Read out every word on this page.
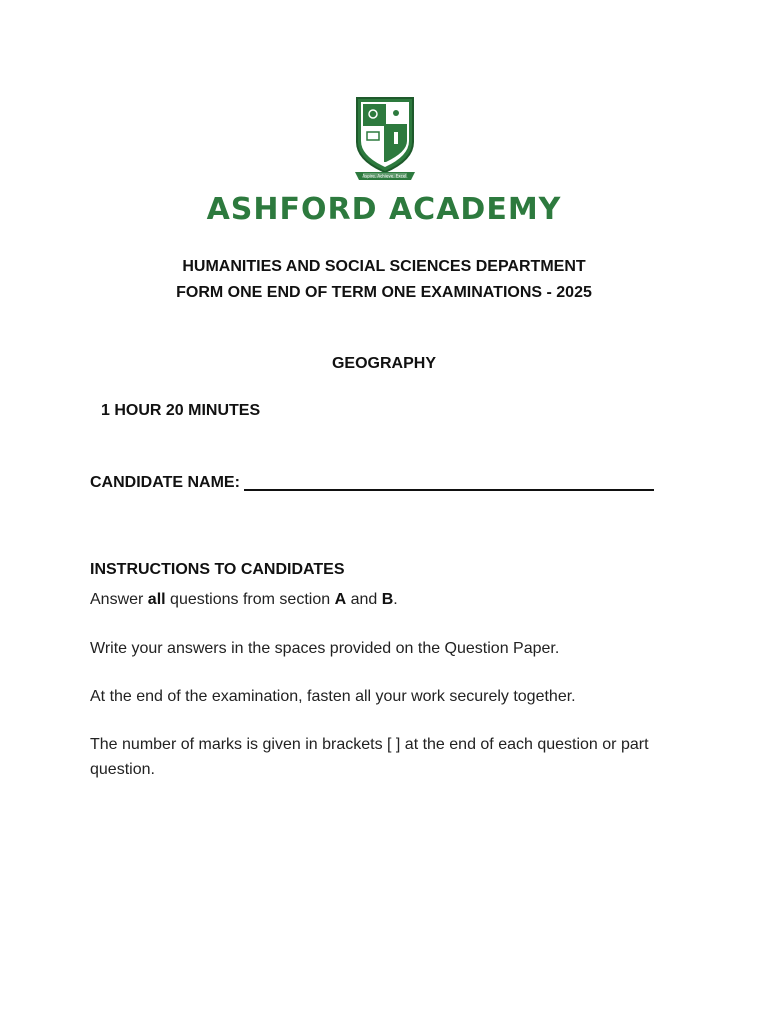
Aspire. Achieve. Excel.
ASHFORD ACADEMY
HUMANITIES AND SOCIAL SCIENCES DEPARTMENT
FORM ONE END OF TERM ONE EXAMINATIONS - 2025
GEOGRAPHY
1 HOUR 20 MINUTES
CANDIDATE NAME:
INSTRUCTIONS TO CANDIDATES
Answer all questions from section A and B.
Write your answers in the spaces provided on the Question Paper.
At the end of the examination, fasten all your work securely together.
The number of marks is given in brackets [ ] at the end of each question or part question.
